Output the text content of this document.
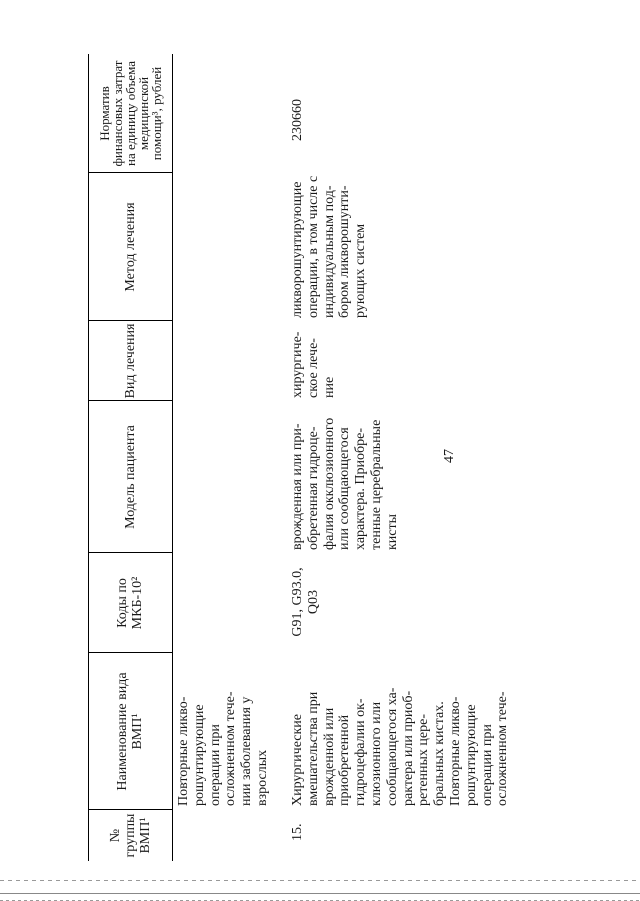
47
№ группы ВМП¹
Наименование вида ВМП¹
Коды по МКБ-10²
Модель пациента
Вид лечения
Метод лечения
Норматив финансовых затрат на единицу объема медицинской помощи³, рублей
Повторные ликво-
рошунтирующие
операции при
осложненном тече-
нии заболевания у
взрослых
15.
Хирургические
вмешательства при
врожденной или
приобретенной
гидроцефалии ок-
клюзионного или
сообщающегося ха-
рактера или приоб-
ретенных цере-
бральных кистах.
Повторные ликво-
рошунтирующие
операции при
осложненном тече-
G91, G93.0,
Q03
врожденная или при-
обретенная гидроце-
фалия окклюзионного
или сообщающегося
характера. Приобре-
тенные церебральные
кисты
хирургиче-
ское лече-
ние
ликворошунтирующие
операции, в том числе с
индивидуальным под-
бором ликворошунти-
рующих систем
230660
